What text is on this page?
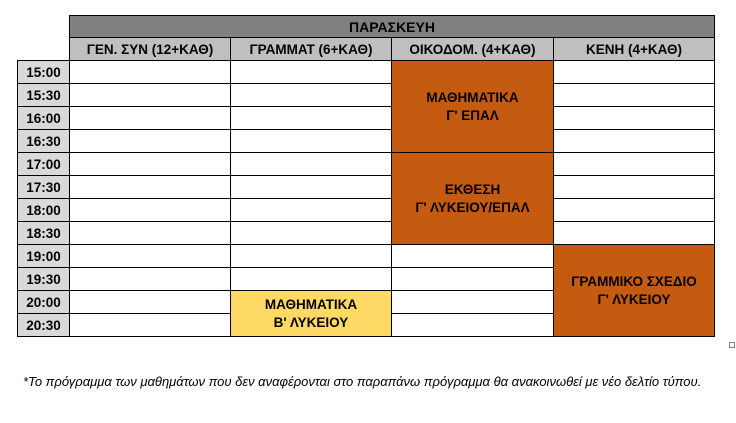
	ΠΑΡΑΣΚΕΥΗ			
	ΓΕΝ. ΣΥΝ (12+ΚΑΘ)	ΓΡΑΜΜΑΤ (6+ΚΑΘ)	ΟΙΚΟΔΟΜ. (4+ΚΑΘ)	ΚΕΝΗ (4+ΚΑΘ)
15:00			ΜΑΘΗΜΑΤΙΚΑ
Γ' ΕΠΑΛ	

15:30				
16:00				
16:30				
17:00			ΕΚΘΕΣΗ
Γ' ΛΥΚΕΙΟΥ/ΕΠΑΛ	

17:30				
18:00				
18:30				
19:00				ΓΡΑΜΜΙΚΟ ΣΧΕΔΙΟ
Γ' ΛΥΚΕΙΟΥ

19:30				
20:00		ΜΑΘΗΜΑΤΙΚΑ
Β' ΛΥΚΕΙΟΥ		

20:30				
*Το πρόγραμμα των μαθημάτων που δεν αναφέρονται στο παραπάνω πρόγραμμα θα ανακοινωθεί με νέο δελτίο τύπου.
